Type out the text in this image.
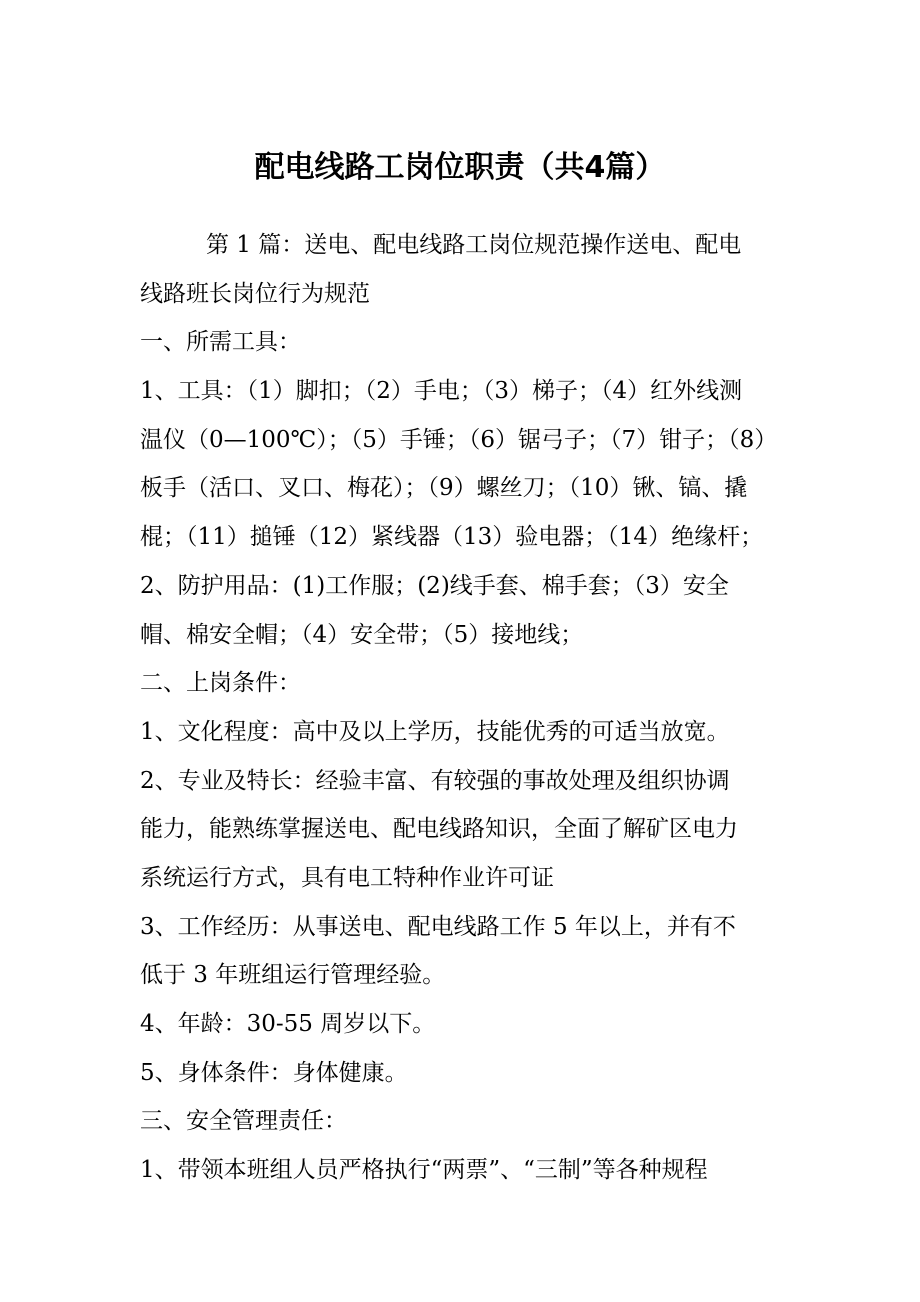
配电线路工岗位职责（共4篇）

第 1 篇：送电、配电线路工岗位规范操作送电、配电

线路班长岗位行为规范

一、所需工具：

1、工具：（1）脚扣；（2）手电；（3）梯子；（4）红外线测

温仪（0—100℃）；（5）手锤；（6）锯弓子；（7）钳子；（8）

板手（活口、叉口、梅花）；（9）螺丝刀；（10）锹、镐、撬

棍；（11）搥锤（12）紧线器（13）验电器；（14）绝缘杆；

2、防护用品：(1)工作服；(2)线手套、棉手套；（3）安全

帽、棉安全帽；（4）安全带；（5）接地线；

二、上岗条件：

1、文化程度：高中及以上学历，技能优秀的可适当放宽。

2、专业及特长：经验丰富、有较强的事故处理及组织协调

能力，能熟练掌握送电、配电线路知识，全面了解矿区电力

系统运行方式，具有电工特种作业许可证

3、工作经历：从事送电、配电线路工作 5 年以上，并有不

低于 3 年班组运行管理经验。

4、年龄：30-55 周岁以下。

5、身体条件：身体健康。

三、安全管理责任：

1、带领本班组人员严格执行“两票”、“三制”等各种规程
